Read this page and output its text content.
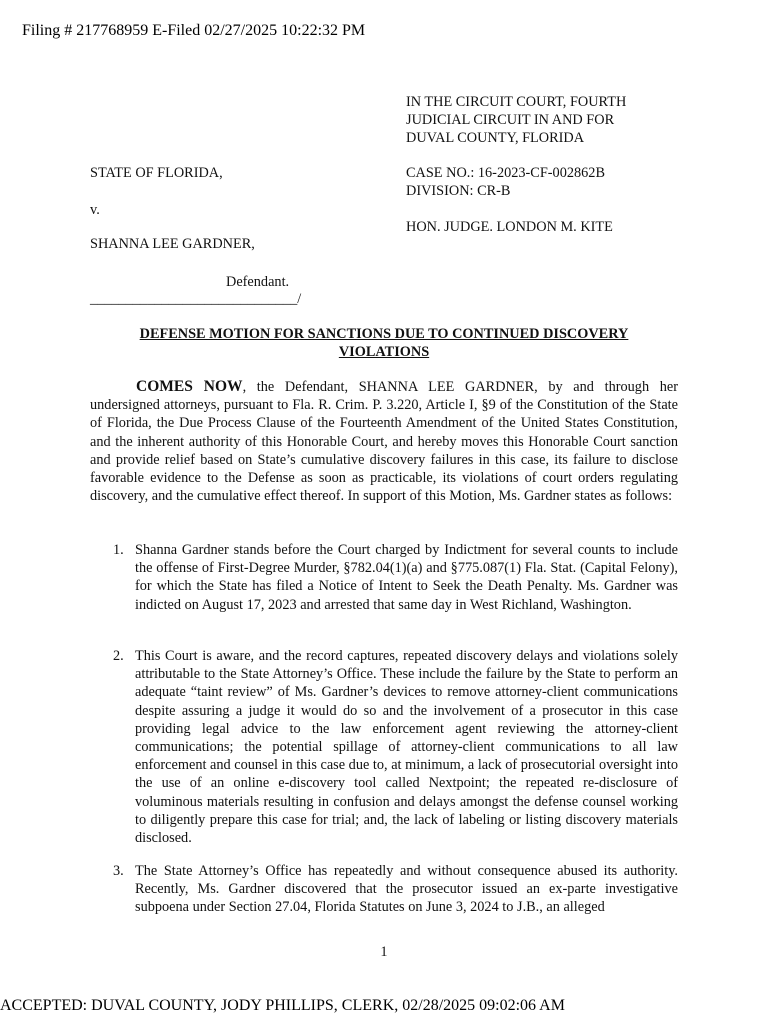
Filing # 217768959 E-Filed 02/27/2025 10:22:32 PM
IN THE CIRCUIT COURT, FOURTH
JUDICIAL CIRCUIT IN AND FOR
DUVAL COUNTY, FLORIDA
CASE NO.: 16-2023-CF-002862B
DIVISION: CR-B
HON. JUDGE. LONDON M. KITE
STATE OF FLORIDA,
v.
SHANNA LEE GARDNER,
Defendant.
_____________________________/
DEFENSE MOTION FOR SANCTIONS DUE TO CONTINUED DISCOVERY
VIOLATIONS
COMES NOW, the Defendant, SHANNA LEE GARDNER, by and through her undersigned attorneys, pursuant to Fla. R. Crim. P. 3.220, Article I, §9 of the Constitution of the State of Florida, the Due Process Clause of the Fourteenth Amendment of the United States Constitution, and the inherent authority of this Honorable Court, and hereby moves this Honorable Court sanction and provide relief based on State’s cumulative discovery failures in this case, its failure to disclose favorable evidence to the Defense as soon as practicable, its violations of court orders regulating discovery, and the cumulative effect thereof. In support of this Motion, Ms. Gardner states as follows:
1. Shanna Gardner stands before the Court charged by Indictment for several counts to include the offense of First-Degree Murder, §782.04(1)(a) and §775.087(1) Fla. Stat. (Capital Felony), for which the State has filed a Notice of Intent to Seek the Death Penalty. Ms. Gardner was indicted on August 17, 2023 and arrested that same day in West Richland, Washington.
2. This Court is aware, and the record captures, repeated discovery delays and violations solely attributable to the State Attorney’s Office. These include the failure by the State to perform an adequate “taint review” of Ms. Gardner’s devices to remove attorney-client communications despite assuring a judge it would do so and the involvement of a prosecutor in this case providing legal advice to the law enforcement agent reviewing the attorney-client communications; the potential spillage of attorney-client communications to all law enforcement and counsel in this case due to, at minimum, a lack of prosecutorial oversight into the use of an online e-discovery tool called Nextpoint; the repeated re-disclosure of voluminous materials resulting in confusion and delays amongst the defense counsel working to diligently prepare this case for trial; and, the lack of labeling or listing discovery materials disclosed.
3. The State Attorney’s Office has repeatedly and without consequence abused its authority. Recently, Ms. Gardner discovered that the prosecutor issued an ex-parte investigative subpoena under Section 27.04, Florida Statutes on June 3, 2024 to J.B., an alleged
1
ACCEPTED: DUVAL COUNTY, JODY PHILLIPS, CLERK, 02/28/2025 09:02:06 AM
